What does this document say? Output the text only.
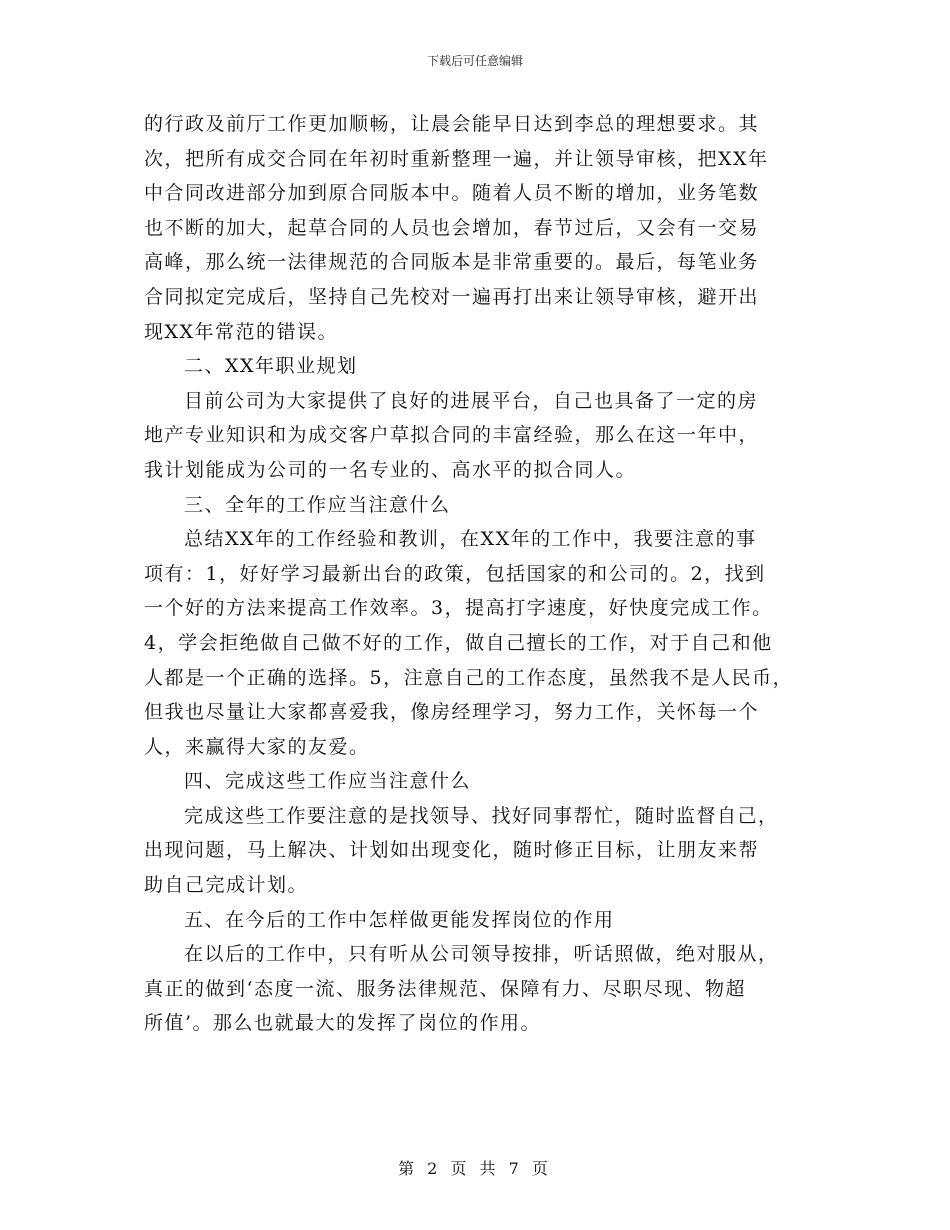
下载后可任意编辑
的行政及前厅工作更加顺畅，让晨会能早日达到李总的理想要求。其
次，把所有成交合同在年初时重新整理一遍，并让领导审核，把XX年
中合同改进部分加到原合同版本中。随着人员不断的增加，业务笔数
也不断的加大，起草合同的人员也会增加，春节过后，又会有一交易
高峰，那么统一法律规范的合同版本是非常重要的。最后，每笔业务
合同拟定完成后，坚持自己先校对一遍再打出来让领导审核，避开出
现XX年常范的错误。
二、XX年职业规划
目前公司为大家提供了良好的进展平台，自己也具备了一定的房
地产专业知识和为成交客户草拟合同的丰富经验，那么在这一年中，
我计划能成为公司的一名专业的、高水平的拟合同人。
三、全年的工作应当注意什么
总结XX年的工作经验和教训，在XX年的工作中，我要注意的事
项有：1，好好学习最新出台的政策，包括国家的和公司的。2，找到
一个好的方法来提高工作效率。3，提高打字速度，好快度完成工作。
4，学会拒绝做自己做不好的工作，做自己擅长的工作，对于自己和他
人都是一个正确的选择。5，注意自己的工作态度，虽然我不是人民币，
但我也尽量让大家都喜爱我，像房经理学习，努力工作，关怀每一个
人，来赢得大家的友爱。
四、完成这些工作应当注意什么
完成这些工作要注意的是找领导、找好同事帮忙，随时监督自己，
出现问题，马上解决、计划如出现变化，随时修正目标，让朋友来帮
助自己完成计划。
五、在今后的工作中怎样做更能发挥岗位的作用
在以后的工作中，只有听从公司领导按排，听话照做，绝对服从，
真正的做到‘态度一流、服务法律规范、保障有力、尽职尽现、物超
所值’。那么也就最大的发挥了岗位的作用。
第 2 页 共 7 页
